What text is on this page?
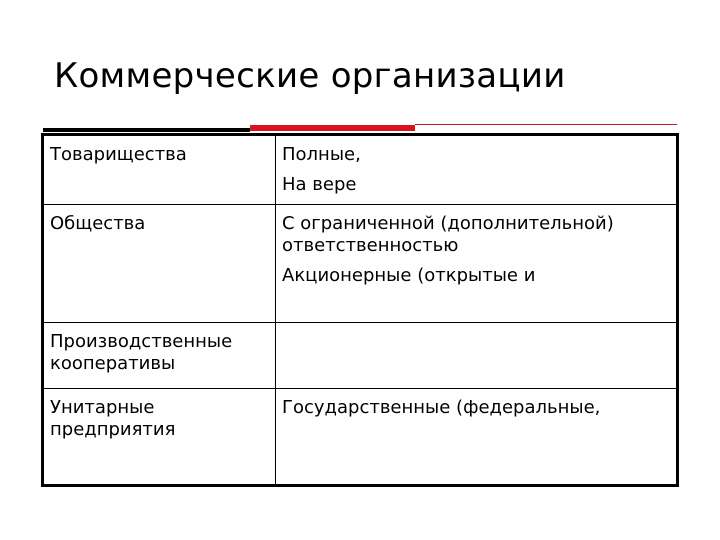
Коммерческие организации
Товарищества	Полные,
На вере

Общества	С ограниченной (дополнительной) ответственностью
Акционерные (открытые и

Производственные кооперативы	

Унитарные предприятия	Государственные (федеральные,
